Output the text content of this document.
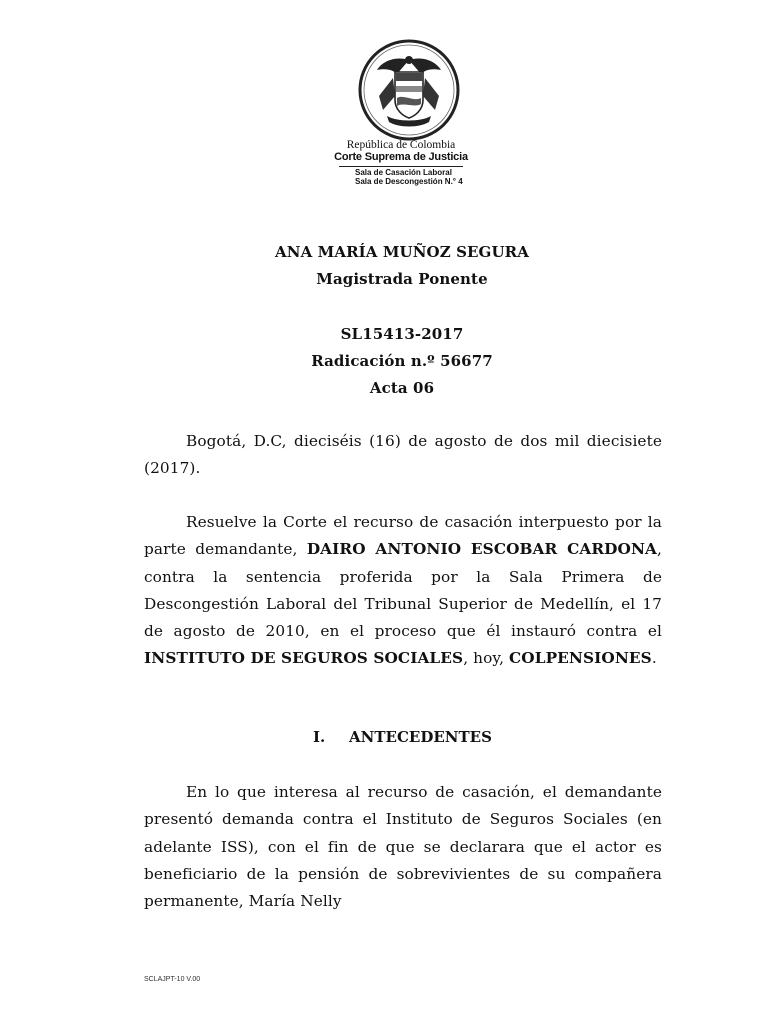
República de Colombia
Corte Suprema de Justicia
Sala de Casación Laboral
Sala de Descongestión N.° 4
ANA MARÍA MUÑOZ SEGURA
Magistrada Ponente
SL15413-2017
Radicación n.º 56677
Acta 06
Bogotá, D.C, dieciséis (16) de agosto de dos mil diecisiete (2017).
Resuelve la Corte el recurso de casación interpuesto por la parte demandante, DAIRO ANTONIO ESCOBAR CARDONA, contra la sentencia proferida por la Sala Primera de Descongestión Laboral del Tribunal Superior de Medellín, el 17 de agosto de 2010, en el proceso que él instauró contra el INSTITUTO DE SEGUROS SOCIALES, hoy, COLPENSIONES.
I. ANTECEDENTES
En lo que interesa al recurso de casación, el demandante presentó demanda contra el Instituto de Seguros Sociales (en adelante ISS), con el fin de que se declarara que el actor es beneficiario de la pensión de sobrevivientes de su compañera permanente, María Nelly
SCLAJPT-10 V.00
